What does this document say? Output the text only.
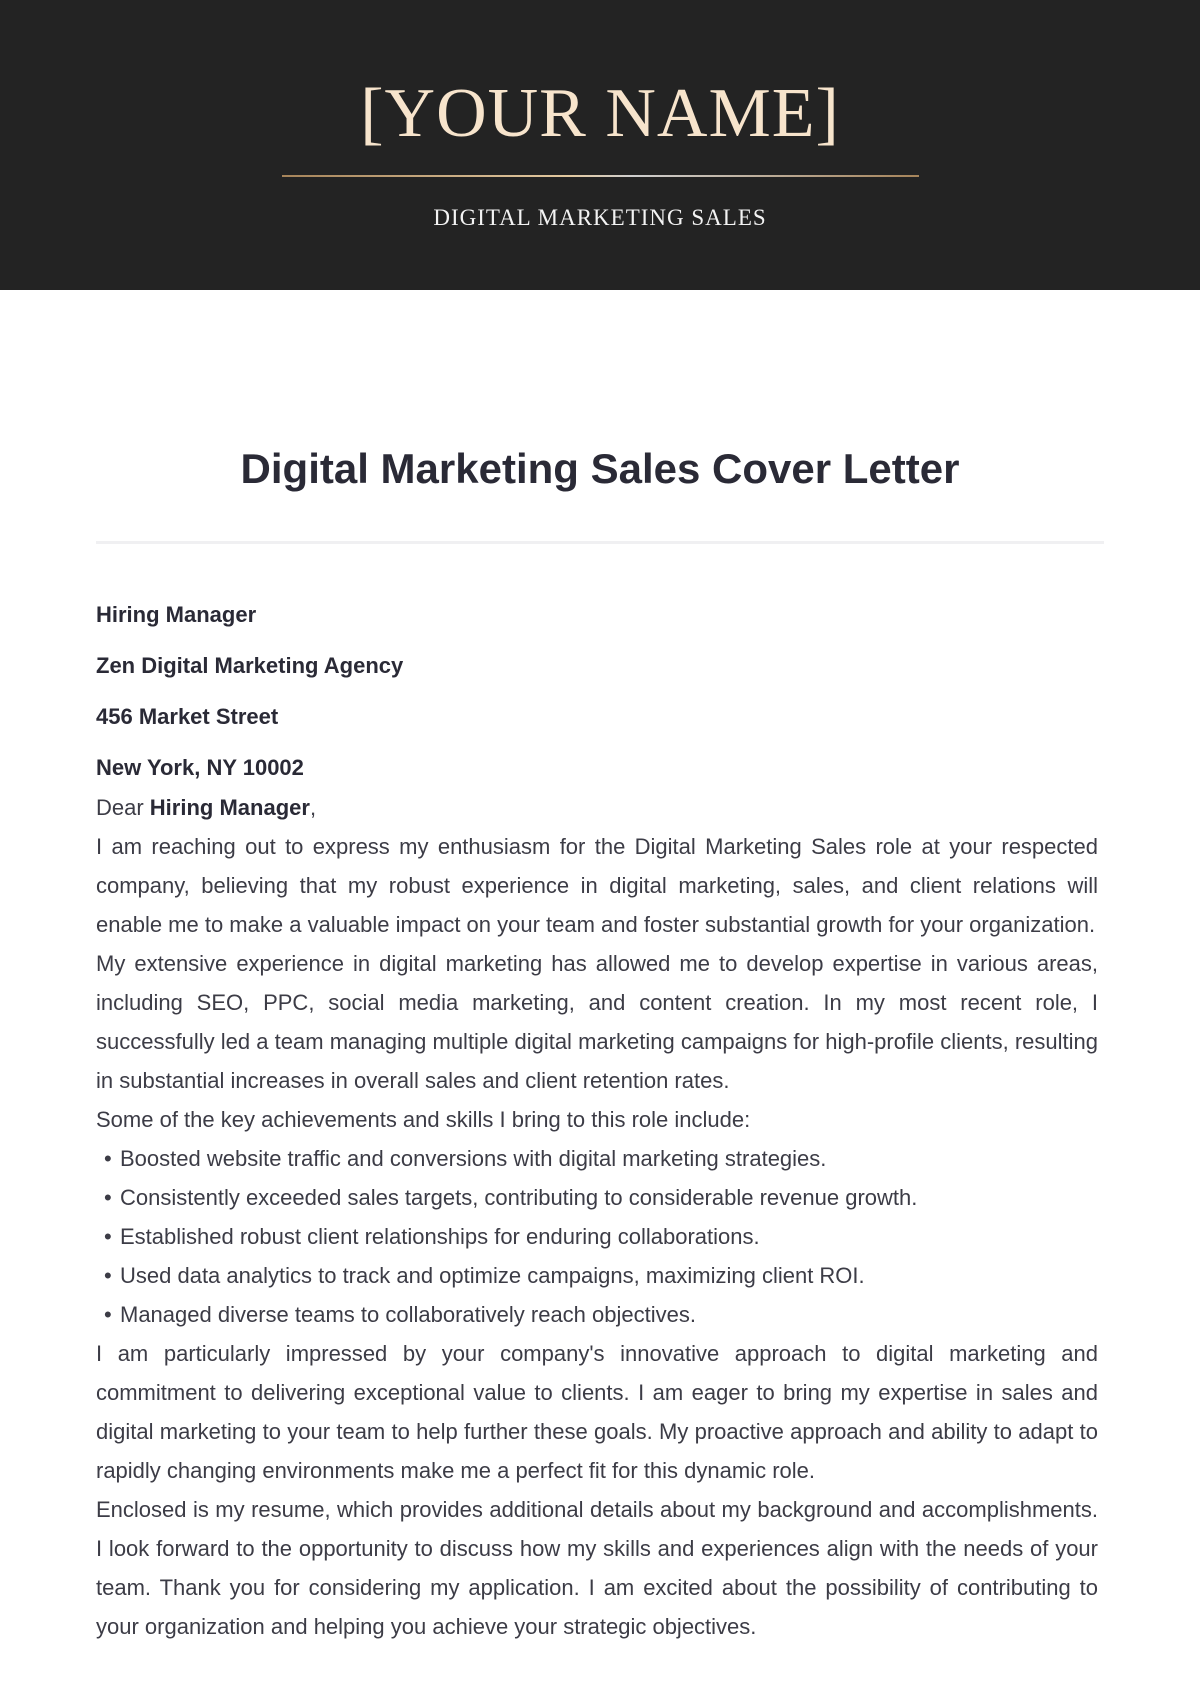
[YOUR NAME]
DIGITAL MARKETING SALES
Digital Marketing Sales Cover Letter
Hiring Manager
Zen Digital Marketing Agency
456 Market Street
New York, NY 10002

Dear Hiring Manager,

I am reaching out to express my enthusiasm for the Digital Marketing Sales role at your respected company, believing that my robust experience in digital marketing, sales, and client relations will enable me to make a valuable impact on your team and foster substantial growth for your organization.

My extensive experience in digital marketing has allowed me to develop expertise in various areas, including SEO, PPC, social media marketing, and content creation. In my most recent role, I successfully led a team managing multiple digital marketing campaigns for high-profile clients, resulting in substantial increases in overall sales and client retention rates.

Some of the key achievements and skills I bring to this role include:

• Boosted website traffic and conversions with digital marketing strategies.
• Consistently exceeded sales targets, contributing to considerable revenue growth.
• Established robust client relationships for enduring collaborations.
• Used data analytics to track and optimize campaigns, maximizing client ROI.
• Managed diverse teams to collaboratively reach objectives.

I am particularly impressed by your company's innovative approach to digital marketing and commitment to delivering exceptional value to clients. I am eager to bring my expertise in sales and digital marketing to your team to help further these goals. My proactive approach and ability to adapt to rapidly changing environments make me a perfect fit for this dynamic role.

Enclosed is my resume, which provides additional details about my background and accomplishments. I look forward to the opportunity to discuss how my skills and experiences align with the needs of your team. Thank you for considering my application. I am excited about the possibility of contributing to your organization and helping you achieve your strategic objectives.
